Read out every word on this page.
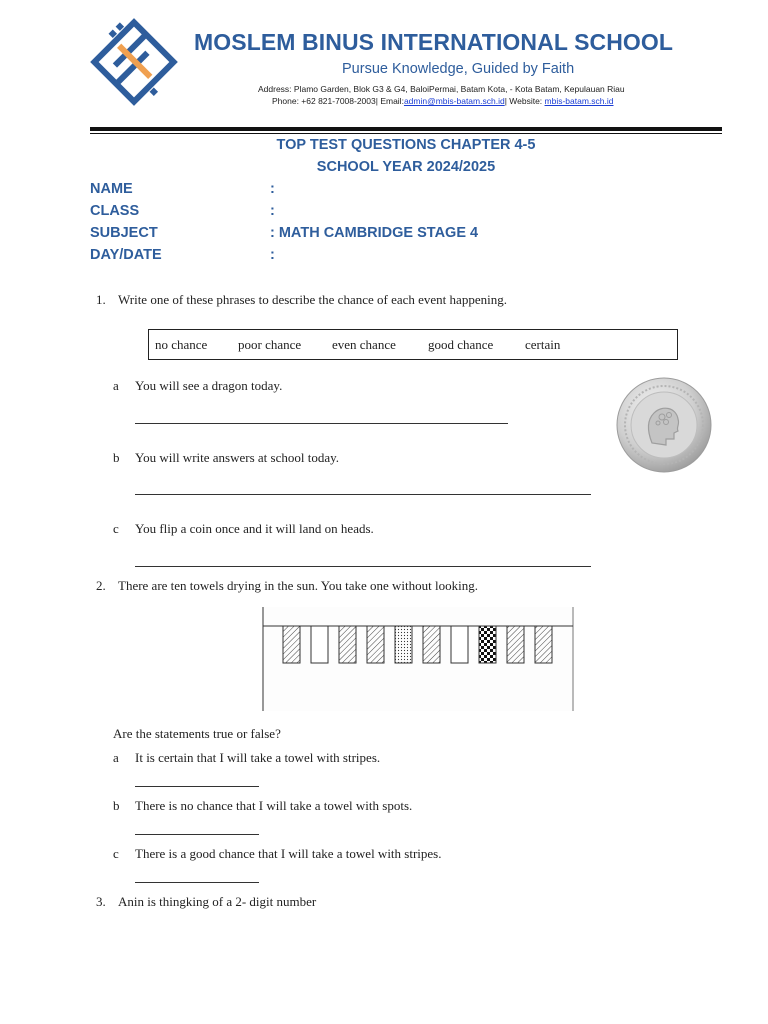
MOSLEM BINUS INTERNATIONAL SCHOOL
Pursue Knowledge, Guided by Faith
Address: Plamo Garden, Blok G3 & G4, BaloiPermai, Batam Kota, - Kota Batam, Kepulauan Riau
Phone: +62 821-7008-2003| Email:admin@mbis-batam.sch.id| Website: mbis-batam.sch.id
TOP TEST QUESTIONS CHAPTER 4-5
SCHOOL YEAR 2024/2025
NAME	:
CLASS	:
SUBJECT	: MATH CAMBRIDGE STAGE 4
DAY/DATE	:
1. Write one of these phrases to describe the chance of each event happening.
no chance poor chance even chance good chance certain
a You will see a dragon today.
b You will write answers at school today.
c You flip a coin once and it will land on heads.
2. There are ten towels drying in the sun. You take one without looking.
Are the statements true or false?
a It is certain that I will take a towel with stripes.
b There is no chance that I will take a towel with spots.
c There is a good chance that I will take a towel with stripes.
3. Anin is thingking of a 2- digit number
